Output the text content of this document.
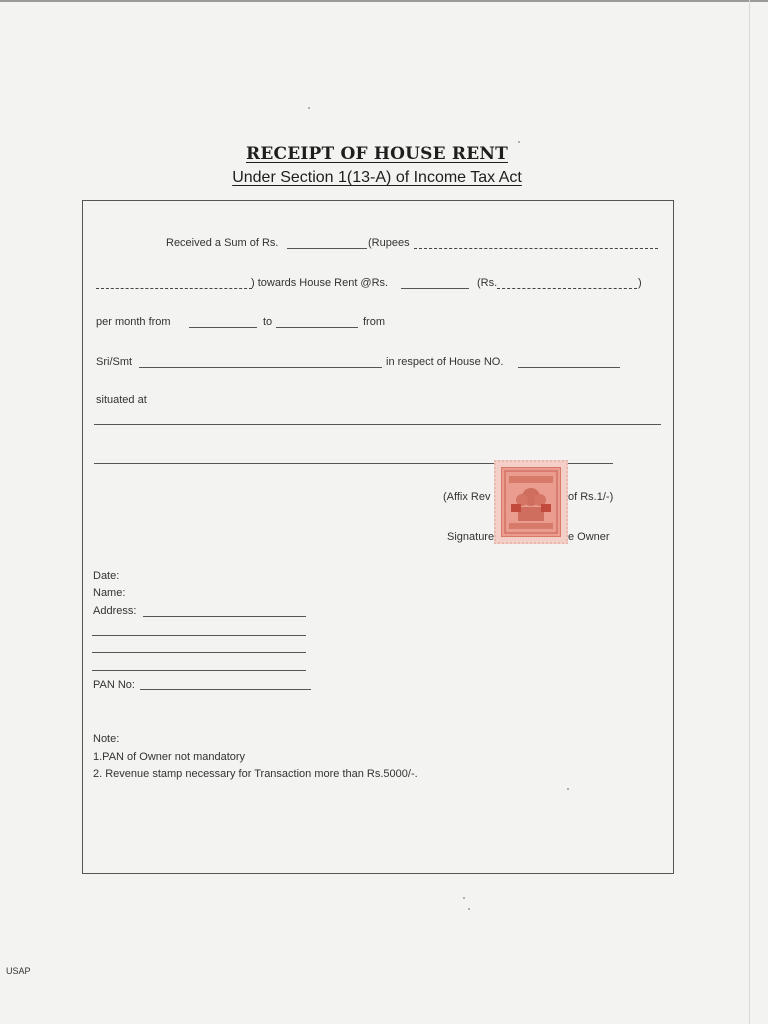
RECEIPT OF HOUSE RENT
Under Section 1(13-A) of Income Tax Act
Received a Sum of Rs.	(Rupees
) towards House Rent @Rs.	(Rs.	)
per month from	to	from
Sri/Smt	in respect of House NO.
situated at
(Affix Rev	of Rs.1/-)
Signature	e Owner
Date:
Name:
Address:
PAN No:
Note:
1.PAN of Owner not mandatory
2. Revenue stamp necessary for Transaction more than Rs.5000/-.
USAP
